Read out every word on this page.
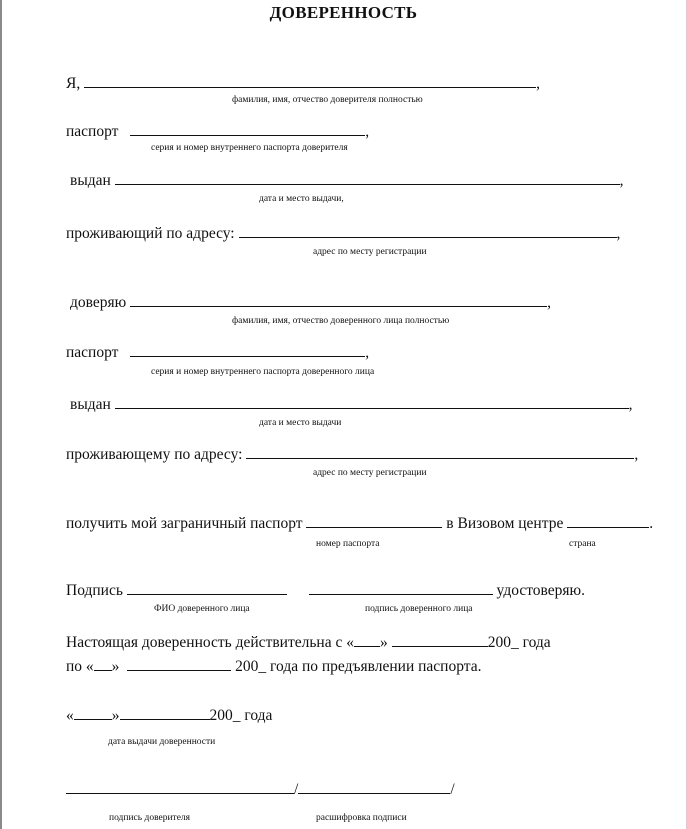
ДОВЕРЕННОСТЬ
Я,	,
фамилия, имя, отчество доверителя полностью
паспорт	,
серия и номер внутреннего паспорта доверителя
выдан	,
дата и место выдачи,
проживающий по адресу:	,
адрес по месту регистрации
доверяю	,
фамилия, имя, отчество доверенного лица полностью
паспорт	,
серия и номер внутреннего паспорта доверенного лица
выдан	,
дата и место выдачи
проживающему по адресу:	,
адрес по месту регистрации
получить мой заграничный паспорт	в Визовом центре	.
номер паспорта	страна
Подпись	удостоверяю.
ФИО доверенного лица	подпись доверенного лица
Настоящая доверенность действительна с « »	200_ года
по « »	200_ года по предъявлении паспорта.
« »	200_ года
дата выдачи доверенности
/	/
подпись доверителя	расшифровка подписи
